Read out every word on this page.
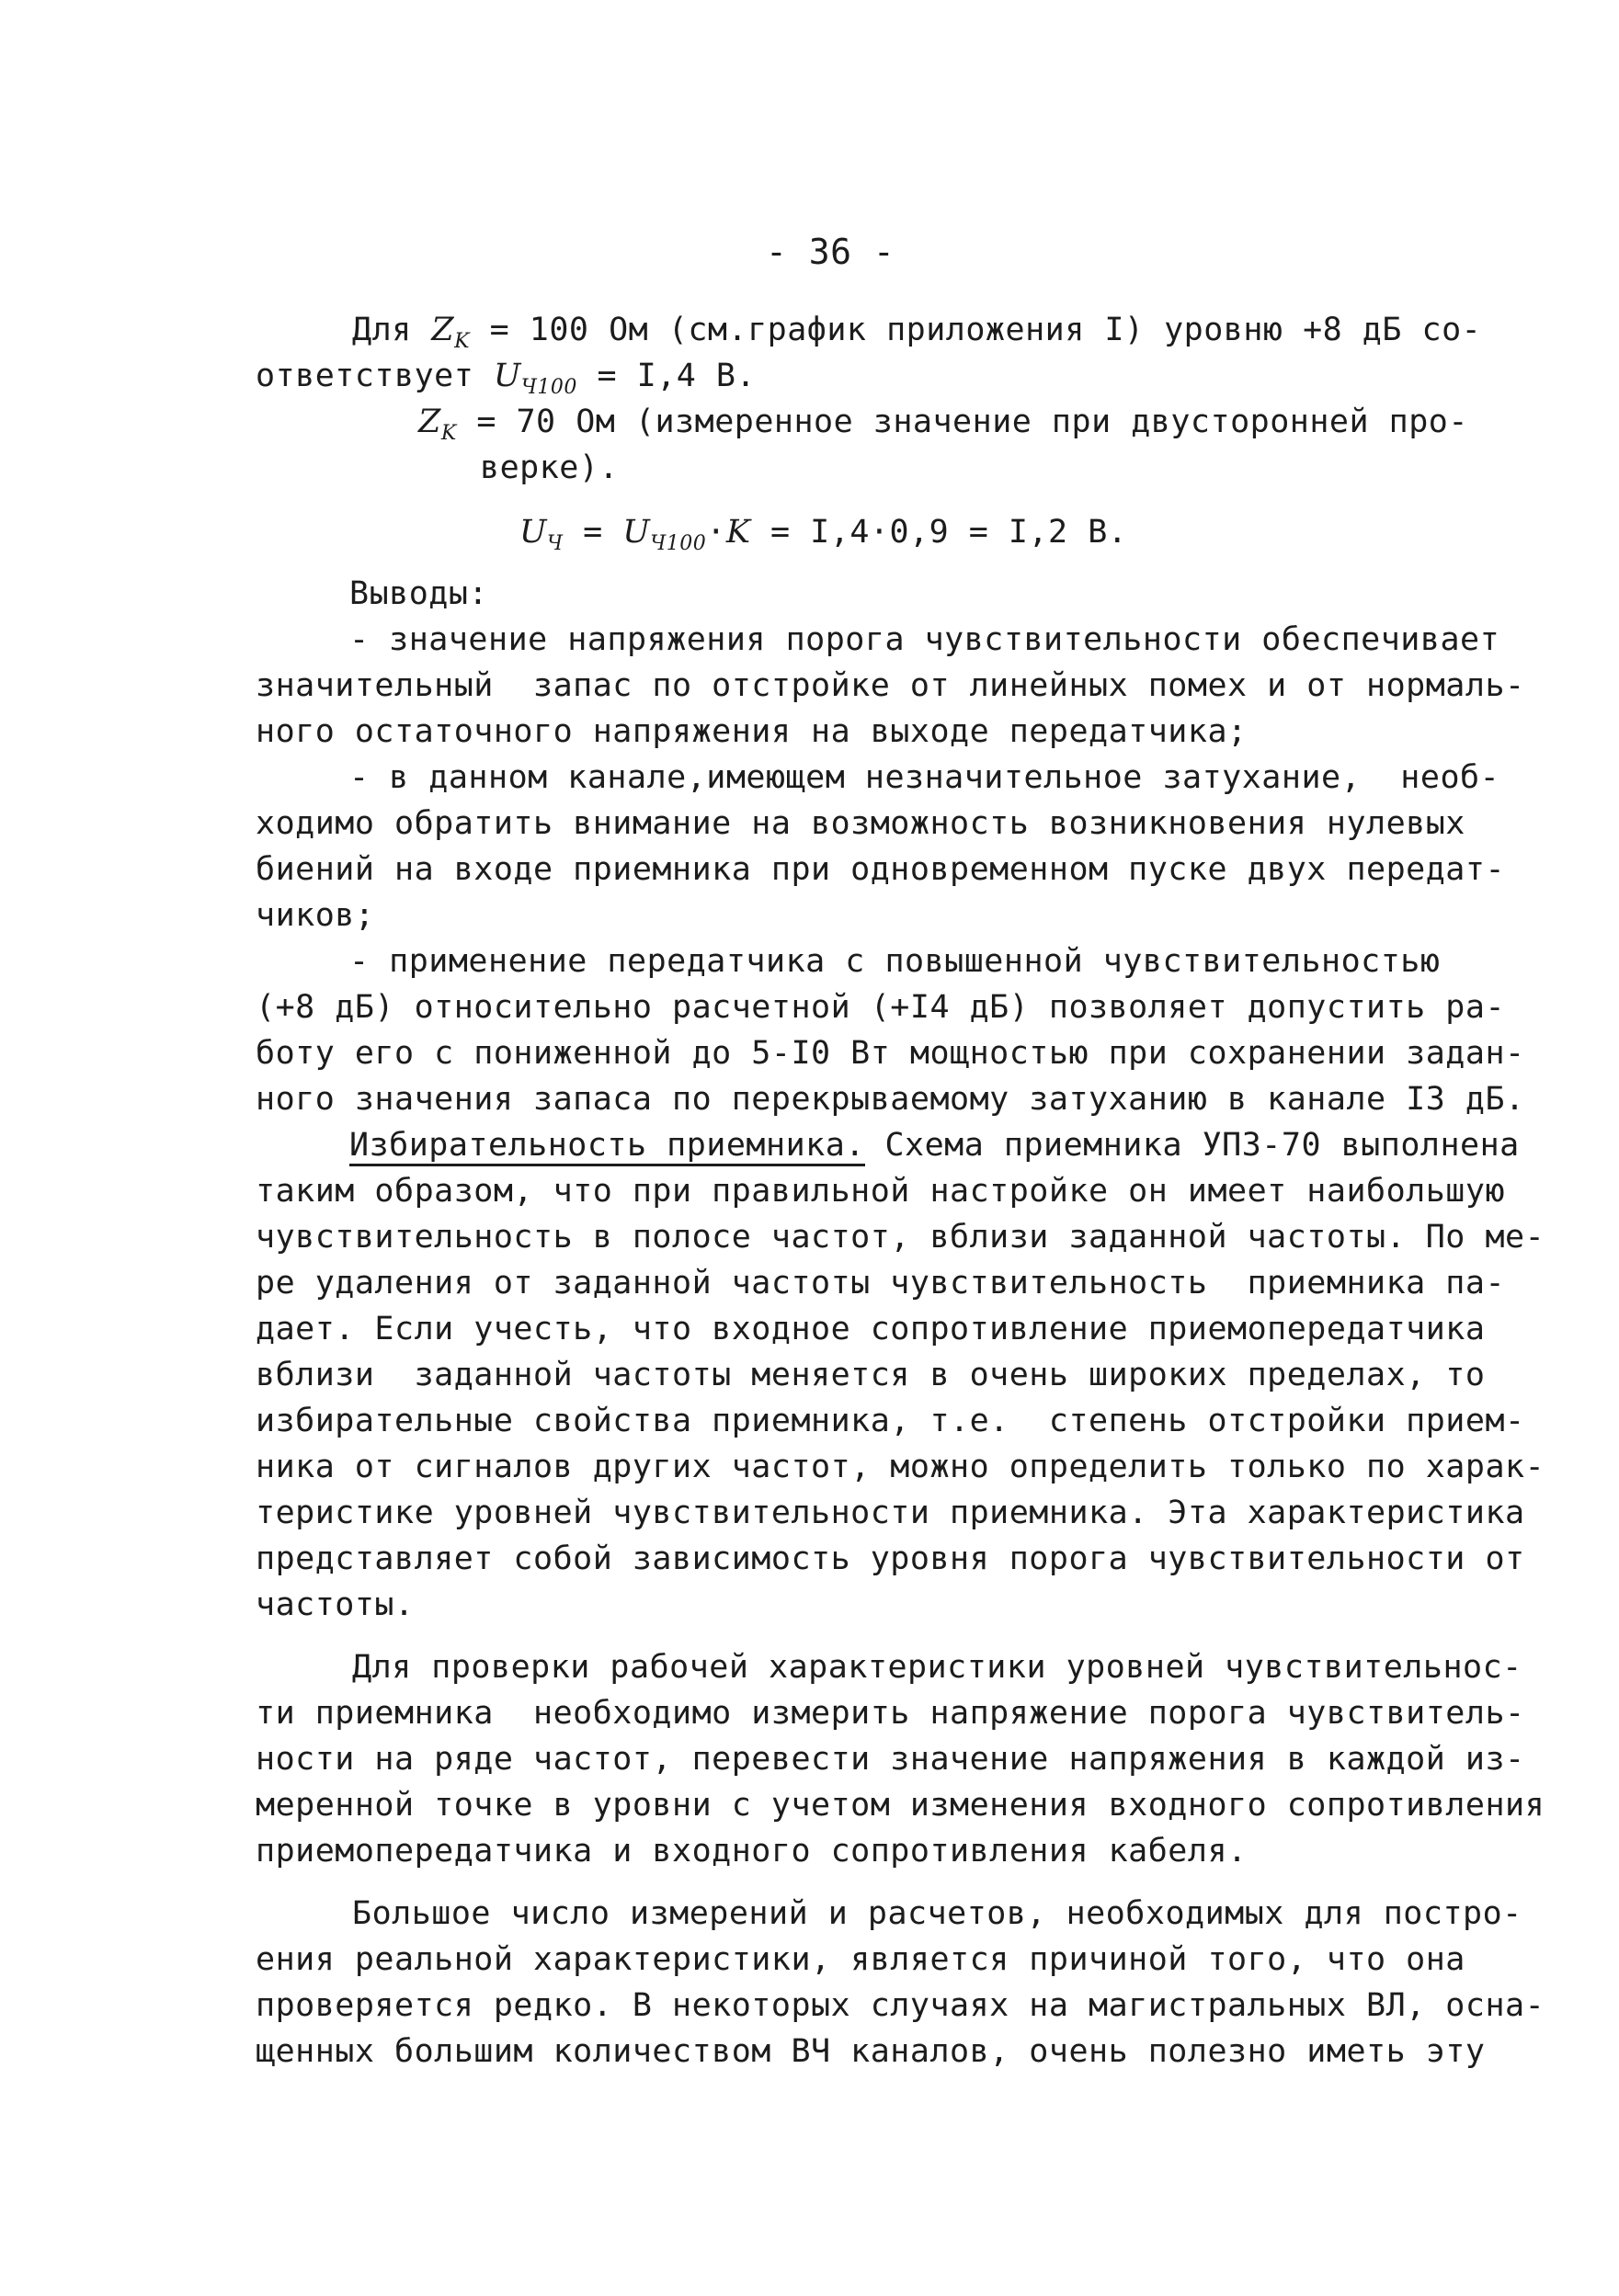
- 36 -
Для $Z_K = 100$ Ом (см.график приложения I) уровню +8 дБ со-
ответствует $U_{Ч100} = I,4$ В.
$Z_K = 70$ Ом (измеренное значение при двусторонней про-
верке).
$U_Ч = U_{Ч100}\cdot K = I,4\cdot 0,9 = I,2$ В.
Выводы:
- значение напряжения порога чувствительности обеспечивает
значительный  запас по отстройке от линейных помех и от нормаль-
ного остаточного напряжения на выходе передатчика;
- в данном канале,имеющем незначительное затухание,  необ-
ходимо обратить внимание на возможность возникновения нулевых
биений на входе приемника при одновременном пуске двух передат-
чиков;
- применение передатчика с повышенной чувствительностью
(+8 дБ) относительно расчетной (+I4 дБ) позволяет допустить ра-
боту его с пониженной до 5-I0 Вт мощностью при сохранении задан-
ного значения запаса по перекрываемому затуханию в канале I3 дБ.
Избирательность приемника. Схема приемника УПЗ-70 выполнена
таким образом, что при правильной настройке он имеет наибольшую
чувствительность в полосе частот, вблизи заданной частоты. По ме-
ре удаления от заданной частоты чувствительность  приемника па-
дает. Если учесть, что входное сопротивление приемопередатчика
вблизи  заданной частоты меняется в очень широких пределах, то
избирательные свойства приемника, т.е.  степень отстройки прием-
ника от сигналов других частот, можно определить только по харак-
теристике уровней чувствительности приемника. Эта характеристика
представляет собой зависимость уровня порога чувствительности от
частоты.
Для проверки рабочей характеристики уровней чувствительнос-
ти приемника  необходимо измерить напряжение порога чувствитель-
ности на ряде частот, перевести значение напряжения в каждой из-
меренной точке в уровни с учетом изменения входного сопротивления
приемопередатчика и входного сопротивления кабеля.
Большое число измерений и расчетов, необходимых для постро-
ения реальной характеристики, является причиной того, что она
проверяется редко. В некоторых случаях на магистральных ВЛ, осна-
щенных большим количеством ВЧ каналов, очень полезно иметь эту
